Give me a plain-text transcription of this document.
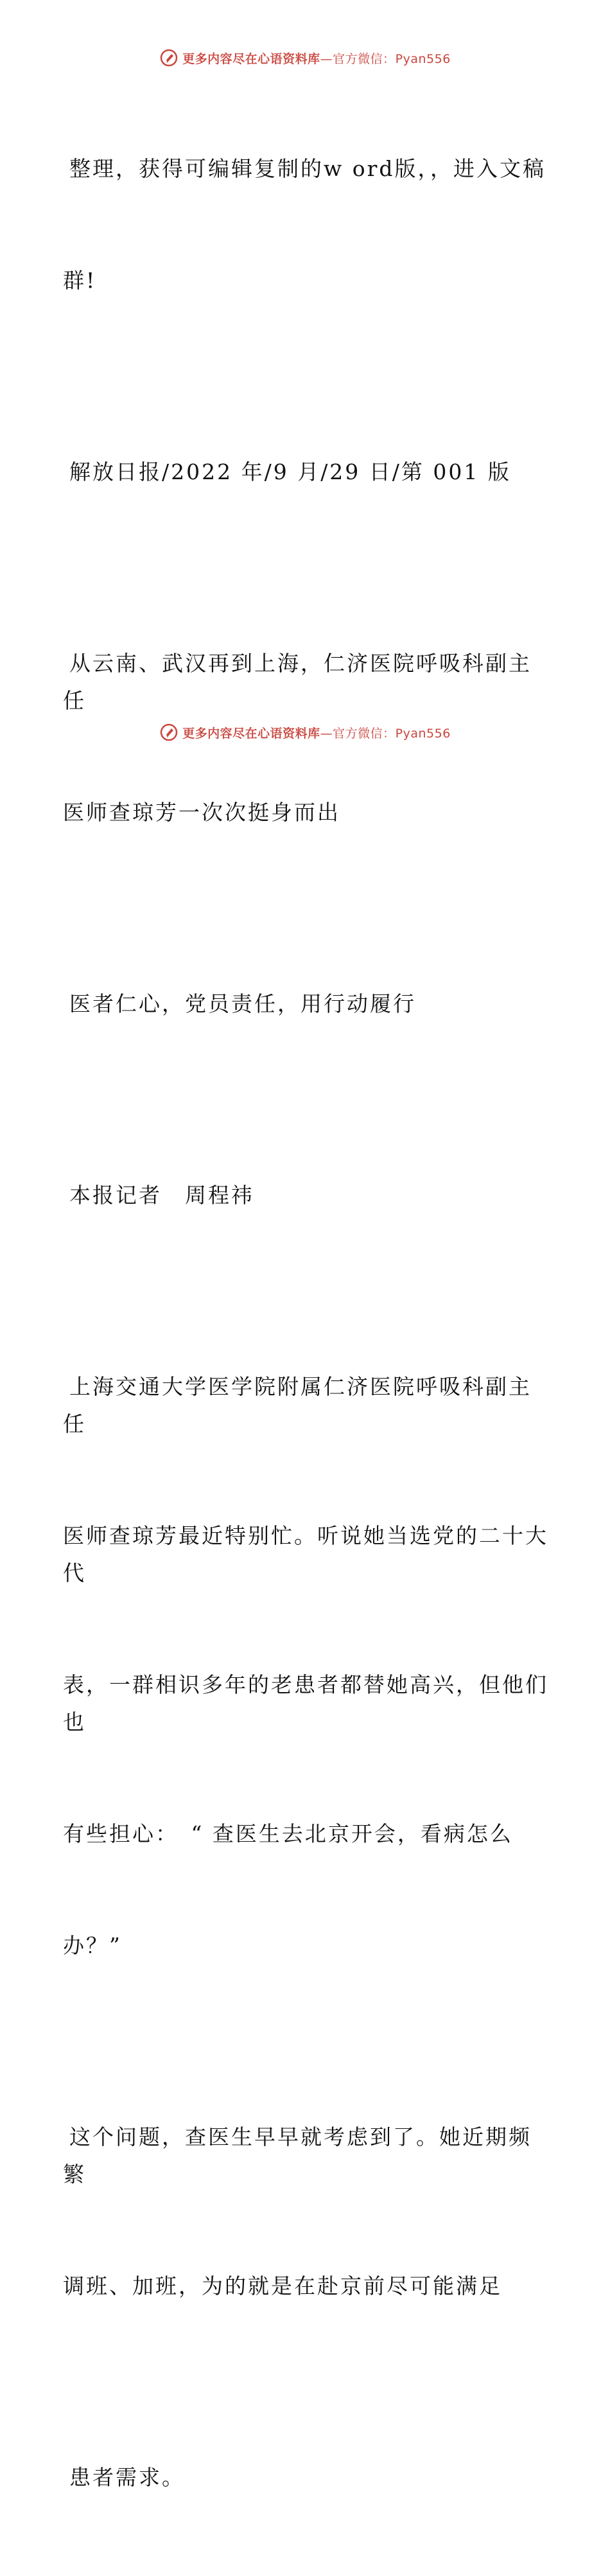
更多内容尽在心语资料库—官方微信：Pyan556

整理，获得可编辑复制的w ord版，，进入文稿

群!

解放日报/2022 年/9 月/29 日/第 001 版

从云南、武汉再到上海，仁济医院呼吸科副主任

医师查琼芳一次次挺身而出

医者仁心，党员责任，用行动履行

本报记者　周程祎

上海交通大学医学院附属仁济医院呼吸科副主任

医师查琼芳最近特别忙。听说她当选党的二十大代

表，一群相识多年的老患者都替她高兴，但他们也

有些担心：　“ 查医生去北京开会，看病怎么

办？”

这个问题，查医生早早就考虑到了。她近期频繁

调班、加班，为的就是在赴京前尽可能满足

患者需求。

更多内容尽在心语资料库—官方微信：Pyan556
